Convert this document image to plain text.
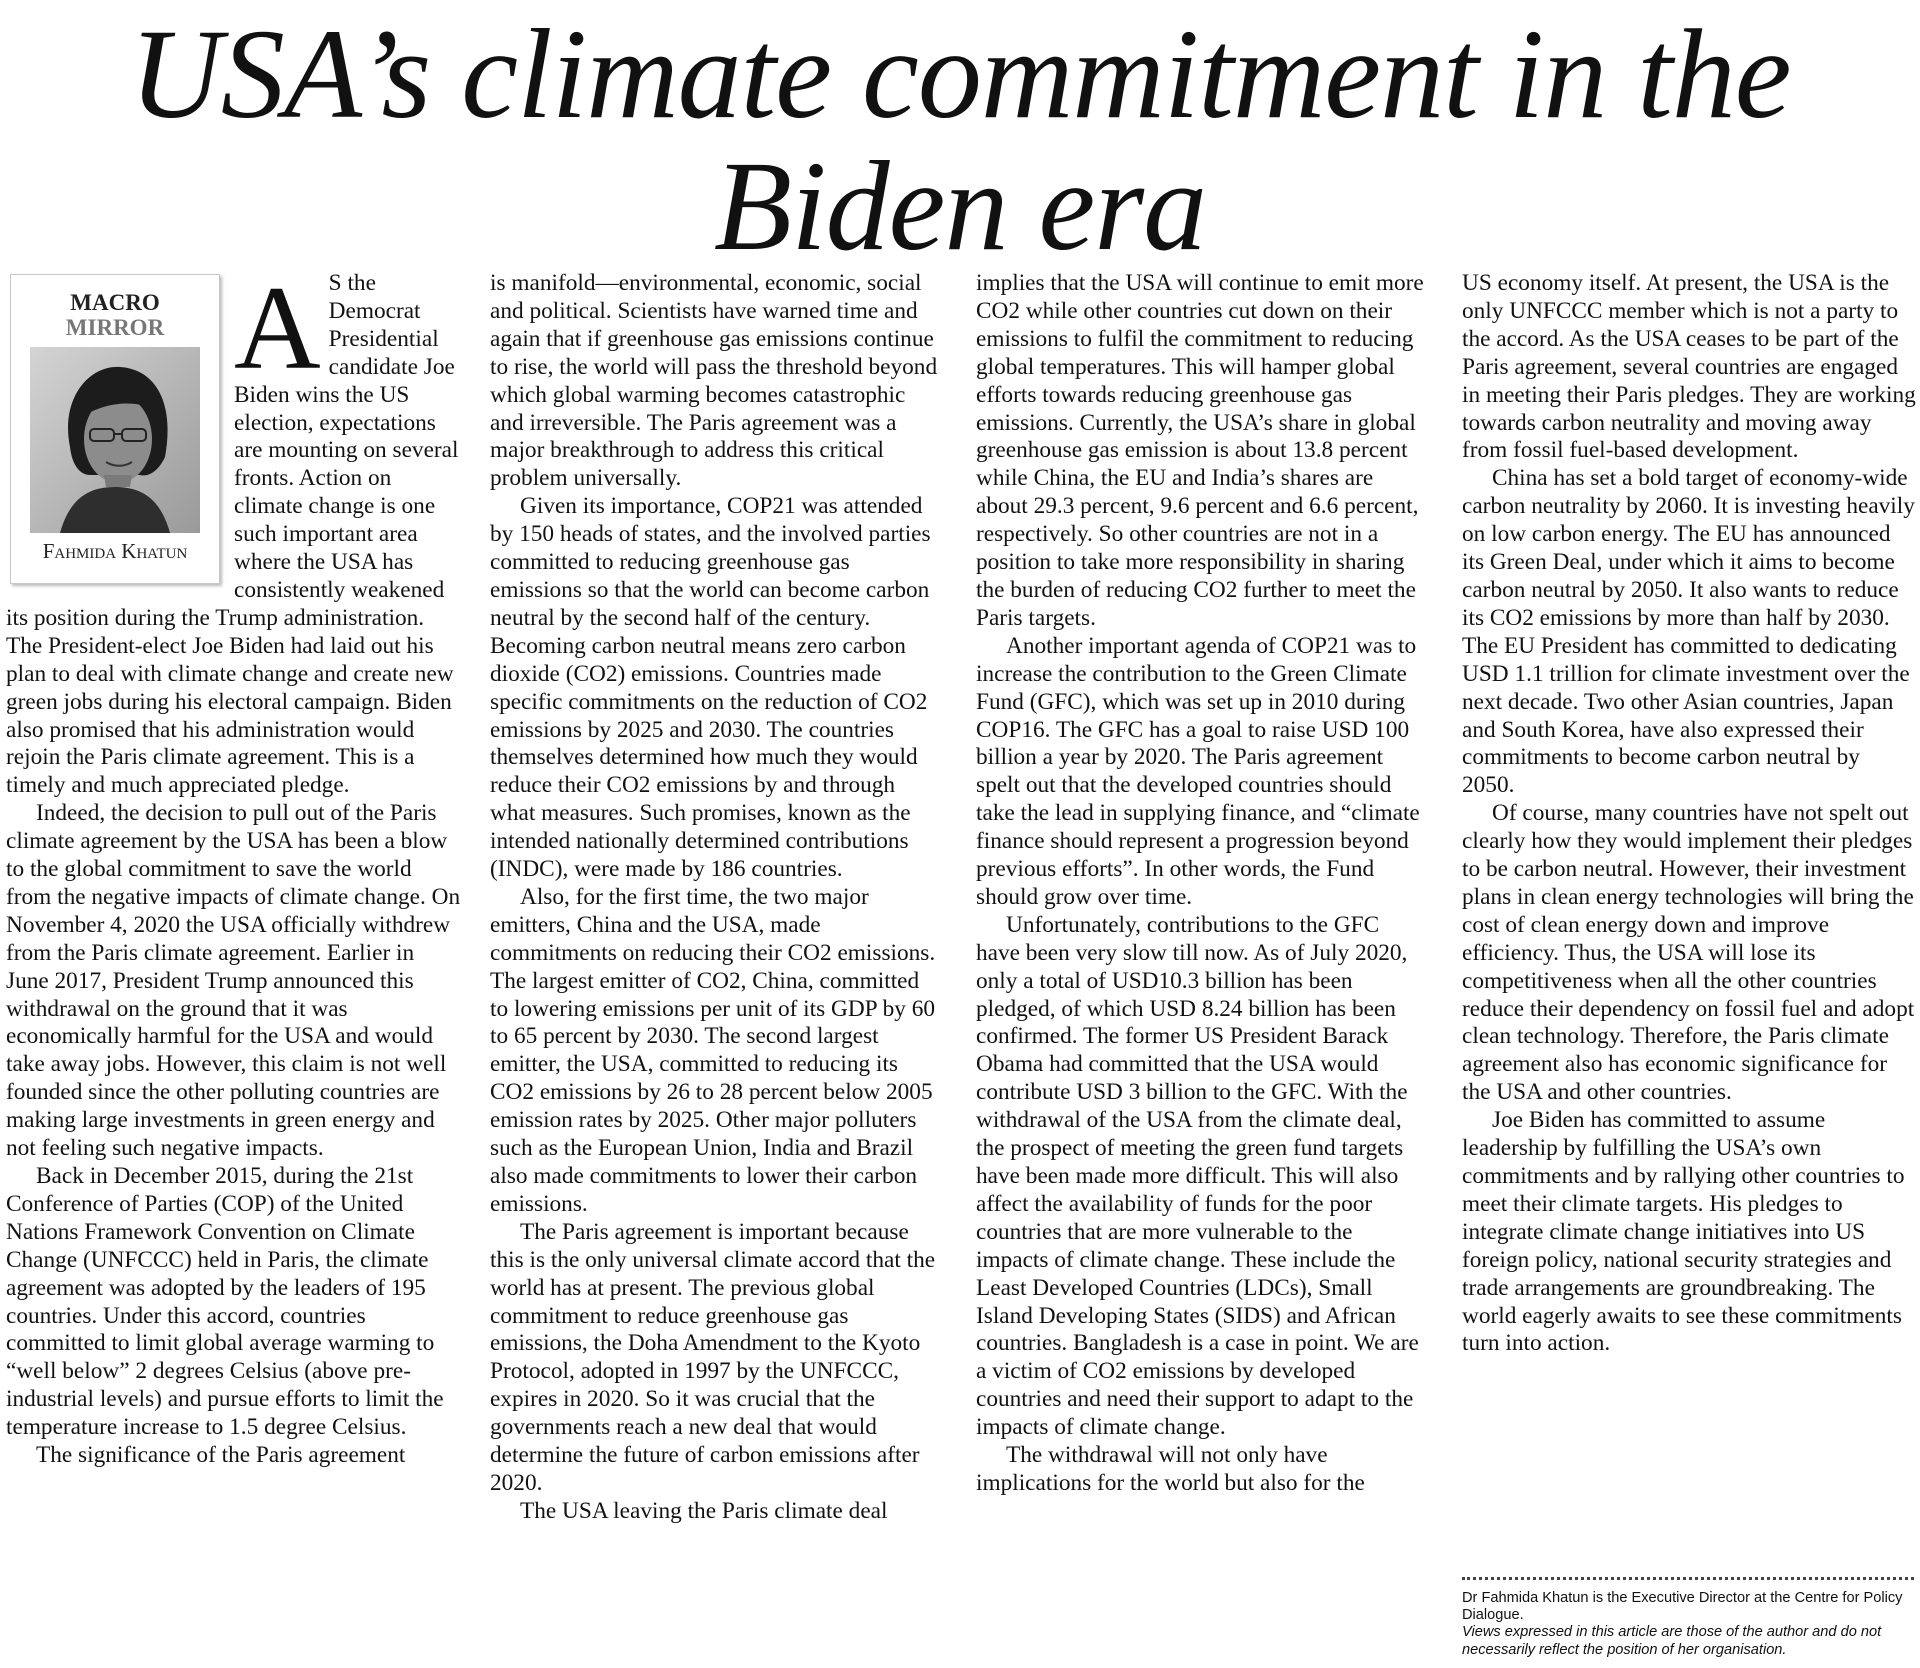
USA’s climate commitment in the Biden era
MACRO
MIRROR
Fahmida Khatun
A S the Democrat Presidential candidate Joe Biden wins the US election, expectations are mounting on several fronts. Action on climate change is one such important area where the USA has consistently weakened its position during the Trump administration. The President-elect Joe Biden had laid out his plan to deal with climate change and create new green jobs during his electoral campaign. Biden also promised that his administration would rejoin the Paris climate agreement. This is a timely and much appreciated pledge.

Indeed, the decision to pull out of the Paris climate agreement by the USA has been a blow to the global commitment to save the world from the negative impacts of climate change. On November 4, 2020 the USA officially withdrew from the Paris climate agreement. Earlier in June 2017, President Trump announced this withdrawal on the ground that it was economically harmful for the USA and would take away jobs. However, this claim is not well founded since the other polluting countries are making large investments in green energy and not feeling such negative impacts.

Back in December 2015, during the 21st Conference of Parties (COP) of the United Nations Framework Convention on Climate Change (UNFCCC) held in Paris, the climate agreement was adopted by the leaders of 195 countries. Under this accord, countries committed to limit global average warming to “well below” 2 degrees Celsius (above pre-industrial levels) and pursue efforts to limit the temperature increase to 1.5 degree Celsius.

The significance of the Paris agreement

is manifold—environmental, economic, social and political. Scientists have warned time and again that if greenhouse gas emissions continue to rise, the world will pass the threshold beyond which global warming becomes catastrophic and irreversible. The Paris agreement was a major breakthrough to address this critical problem universally.

Given its importance, COP21 was attended by 150 heads of states, and the involved parties committed to reducing greenhouse gas emissions so that the world can become carbon neutral by the second half of the century. Becoming carbon neutral means zero carbon dioxide (CO2) emissions. Countries made specific commitments on the reduction of CO2 emissions by 2025 and 2030. The countries themselves determined how much they would reduce their CO2 emissions by and through what measures. Such promises, known as the intended nationally determined contributions (INDC), were made by 186 countries.

Also, for the first time, the two major emitters, China and the USA, made commitments on reducing their CO2 emissions. The largest emitter of CO2, China, committed to lowering emissions per unit of its GDP by 60 to 65 percent by 2030. The second largest emitter, the USA, committed to reducing its CO2 emissions by 26 to 28 percent below 2005 emission rates by 2025. Other major polluters such as the European Union, India and Brazil also made commitments to lower their carbon emissions.

The Paris agreement is important because this is the only universal climate accord that the world has at present. The previous global commitment to reduce greenhouse gas emissions, the Doha Amendment to the Kyoto Protocol, adopted in 1997 by the UNFCCC, expires in 2020. So it was crucial that the governments reach a new deal that would determine the future of carbon emissions after 2020.

The USA leaving the Paris climate deal

implies that the USA will continue to emit more CO2 while other countries cut down on their emissions to fulfil the commitment to reducing global temperatures. This will hamper global efforts towards reducing greenhouse gas emissions. Currently, the USA’s share in global greenhouse gas emission is about 13.8 percent while China, the EU and India’s shares are about 29.3 percent, 9.6 percent and 6.6 percent, respectively. So other countries are not in a position to take more responsibility in sharing the burden of reducing CO2 further to meet the Paris targets.

Another important agenda of COP21 was to increase the contribution to the Green Climate Fund (GFC), which was set up in 2010 during COP16. The GFC has a goal to raise USD 100 billion a year by 2020. The Paris agreement spelt out that the developed countries should take the lead in supplying finance, and “climate finance should represent a progression beyond previous efforts”. In other words, the Fund should grow over time.

Unfortunately, contributions to the GFC have been very slow till now. As of July 2020, only a total of USD10.3 billion has been pledged, of which USD 8.24 billion has been confirmed. The former US President Barack Obama had committed that the USA would contribute USD 3 billion to the GFC. With the withdrawal of the USA from the climate deal, the prospect of meeting the green fund targets have been made more difficult. This will also affect the availability of funds for the poor countries that are more vulnerable to the impacts of climate change. These include the Least Developed Countries (LDCs), Small Island Developing States (SIDS) and African countries. Bangladesh is a case in point. We are a victim of CO2 emissions by developed countries and need their support to adapt to the impacts of climate change.

The withdrawal will not only have implications for the world but also for the

US economy itself. At present, the USA is the only UNFCCC member which is not a party to the accord. As the USA ceases to be part of the Paris agreement, several countries are engaged in meeting their Paris pledges. They are working towards carbon neutrality and moving away from fossil fuel-based development.

China has set a bold target of economy-wide carbon neutrality by 2060. It is investing heavily on low carbon energy. The EU has announced its Green Deal, under which it aims to become carbon neutral by 2050. It also wants to reduce its CO2 emissions by more than half by 2030. The EU President has committed to dedicating USD 1.1 trillion for climate investment over the next decade. Two other Asian countries, Japan and South Korea, have also expressed their commitments to become carbon neutral by 2050.

Of course, many countries have not spelt out clearly how they would implement their pledges to be carbon neutral. However, their investment plans in clean energy technologies will bring the cost of clean energy down and improve efficiency. Thus, the USA will lose its competitiveness when all the other countries reduce their dependency on fossil fuel and adopt clean technology. Therefore, the Paris climate agreement also has economic significance for the USA and other countries.

Joe Biden has committed to assume leadership by fulfilling the USA’s own commitments and by rallying other countries to meet their climate targets. His pledges to integrate climate change initiatives into US foreign policy, national security strategies and trade arrangements are groundbreaking. The world eagerly awaits to see these commitments turn into action.

Dr Fahmida Khatun is the Executive Director at the Centre for Policy Dialogue.

Views expressed in this article are those of the author and do not necessarily reflect the position of her organisation.
